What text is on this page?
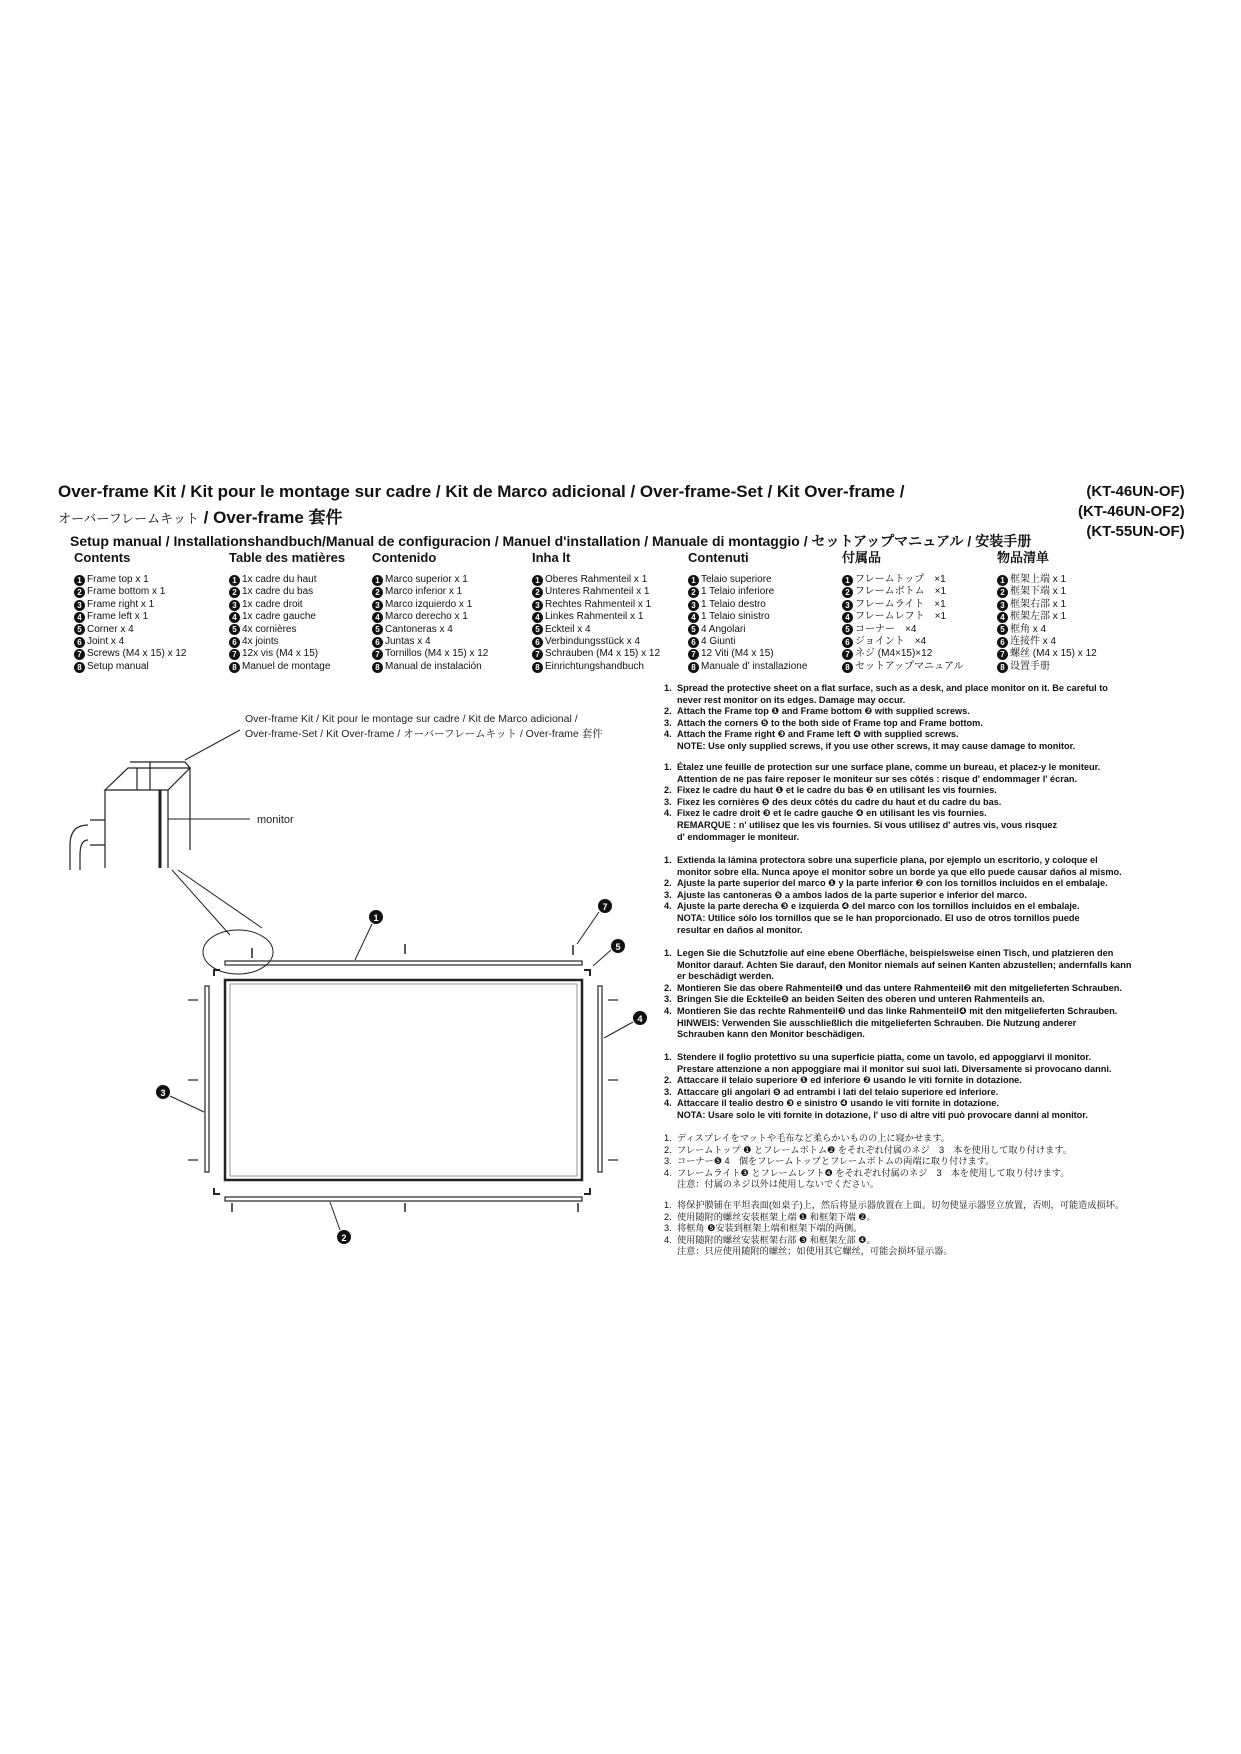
Over-frame Kit / Kit pour le montage sur cadre / Kit de Marco adicional / Over-frame-Set / Kit Over-frame /
オーバーフレームキット / Over-frame 套件
(KT-46UN-OF)
(KT-46UN-OF2)
(KT-55UN-OF)
Setup manual / Installationshandbuch/Manual de configuracion / Manuel d'installation / Manuale di montaggio / セットアップマニュアル / 安装手册
Contents
1 Frame top x 1
2 Frame bottom x 1
3 Frame right x 1
4 Frame left x 1
5 Corner x 4
6 Joint x 4
7 Screws (M4 x 15) x 12
8 Setup manual
Table des matières
1 1x cadre du haut
2 1x cadre du bas
3 1x cadre droit
4 1x cadre gauche
5 4x cornières
6 4x joints
7 12x vis (M4 x 15)
8 Manuel de montage
Contenido
1 Marco superior x 1
2 Marco inferior x 1
3 Marco izquierdo x 1
4 Marco derecho x 1
5 Cantoneras x 4
6 Juntas x 4
7 Tornillos (M4 x 15) x 12
8 Manual de instalación
Inha lt
1 Oberes Rahmenteil x 1
2 Unteres Rahmenteil x 1
3 Rechtes Rahmenteil x 1
4 Linkes Rahmenteil x 1
5 Eckteil x 4
6 Verbindungsstück x 4
7 Schrauben (M4 x 15) x 12
8 Einrichtungshandbuch
Contenuti
1 Telaio superiore
2 1 Telaio inferiore
3 1 Telaio destro
4 1 Telaio sinistro
5 4 Angolari
6 4 Giunti
7 12 Viti (M4 x 15)
8 Manuale d' installazione
付属品
1 フレームトップ　×1
2 フレームボトム　×1
3 フレームライト　×1
4 フレームレフト　×1
5 コーナー　×4
6 ジョイント　×4
7 ネジ (M4×15)×12
8 セットアップマニュアル
物品清单
1 框架上端 x 1
2 框架下端 x 1
3 框架右部 x 1
4 框架左部 x 1
5 框角 x 4
6 连接件 x 4
7 螺丝 (M4 x 15) x 12
8 设置手册
1. Spread the protective sheet on a flat surface, such as a desk, and place monitor on it. Be careful to
never rest monitor on its edges. Damage may occur.
2. Attach the Frame top ❶ and Frame bottom ❷ with supplied screws.
3. Attach the corners ❺ to the both side of Frame top and Frame bottom.
4. Attach the Frame right ❸ and Frame left ❹ with supplied screws.
NOTE: Use only supplied screws, if you use other screws, it may cause damage to monitor.
1. Étalez une feuille de protection sur une surface plane, comme un bureau, et placez-y le moniteur.
Attention de ne pas faire reposer le moniteur sur ses côtés : risque d' endommager l' écran.
2. Fixez le cadre du haut ❶ et le cadre du bas ❷ en utilisant les vis fournies.
3. Fixez les cornières ❺ des deux côtés du cadre du haut et du cadre du bas.
4. Fixez le cadre droit ❸ et le cadre gauche ❹ en utilisant les vis fournies.
REMARQUE : n' utilisez que les vis fournies. Si vous utilisez d' autres vis, vous risquez
d' endommager le moniteur.
1. Extienda la lámina protectora sobre una superficie plana, por ejemplo un escritorio, y coloque el
monitor sobre ella. Nunca apoye el monitor sobre un borde ya que ello puede causar daños al mismo.
2. Ajuste la parte superior del marco ❶ y la parte inferior ❷ con los tornillos incluidos en el embalaje.
3. Ajuste las cantoneras ❺ a ambos lados de la parte superior e inferior del marco.
4. Ajuste la parte derecha ❸ e izquierda ❹ del marco con los tornillos incluidos en el embalaje.
NOTA: Utilice sólo los tornillos que se le han proporcionado. El uso de otros tornillos puede
resultar en daños al monitor.
1. Legen Sie die Schutzfolie auf eine ebene Oberfläche, beispielsweise einen Tisch, und platzieren den
Monitor darauf. Achten Sie darauf, den Monitor niemals auf seinen Kanten abzustellen; andernfalls kann
er beschädigt werden.
2. Montieren Sie das obere Rahmenteil❶ und das untere Rahmenteil❷ mit den mitgelieferten Schrauben.
3. Bringen Sie die Eckteile❺ an beiden Seiten des oberen und unteren Rahmenteils an.
4. Montieren Sie das rechte Rahmenteil❸ und das linke Rahmenteil❹ mit den mitgelieferten Schrauben.
HINWEIS: Verwenden Sie ausschließlich die mitgelieferten Schrauben. Die Nutzung anderer
Schrauben kann den Monitor beschädigen.
1. Stendere il foglio protettivo su una superficie piatta, come un tavolo, ed appoggiarvi il monitor.
Prestare attenzione a non appoggiare mai il monitor sui suoi lati. Diversamente si provocano danni.
2. Attaccare il telaio superiore ❶ ed inferiore ❷ usando le viti fornite in dotazione.
3. Attaccare gli angolari ❺ ad entrambi i lati del telaio superiore ed inferiore.
4. Attaccare il tealio destro ❸ e sinistro ❹ usando le viti fornite in dotazione.
NOTA: Usare solo le viti fornite in dotazione, l' uso di altre viti può provocare danni al monitor.
1. ディスプレイをマットや毛布など柔らかいものの上に寝かせます。
2. フレームトップ ❶ とフレームボトム❷ をそれぞれ付属のネジ　3　本を使用して取り付けます。
3. コーナー❺ 4　個をフレームトップとフレームボトムの両端に取り付けます。
4. フレームライト❸ とフレームレフト❹ をそれぞれ付属のネジ　3　本を使用して取り付けます。
注意：付属のネジ以外は使用しないでください。
1. 将保护膜铺在平坦表面(如桌子)上，然后将显示器放置在上面。切勿使显示器竖立放置，否则，可能造成损坏。
2. 使用随附的螺丝安装框架上端 ❶ 和框架下端 ❷。
3. 将框角 ❺安装到框架上端和框架下端的两侧。
4. 使用随附的螺丝安装框架右部 ❸ 和框架左部 ❹。
注意：只应使用随附的螺丝；如使用其它螺丝，可能会损坏显示器。
Over-frame Kit / Kit pour le montage sur cadre / Kit de Marco adicional /
Over-frame-Set / Kit Over-frame / オーバーフレームキット / Over-frame 套件
monitor
1
7
5
4
3
2
